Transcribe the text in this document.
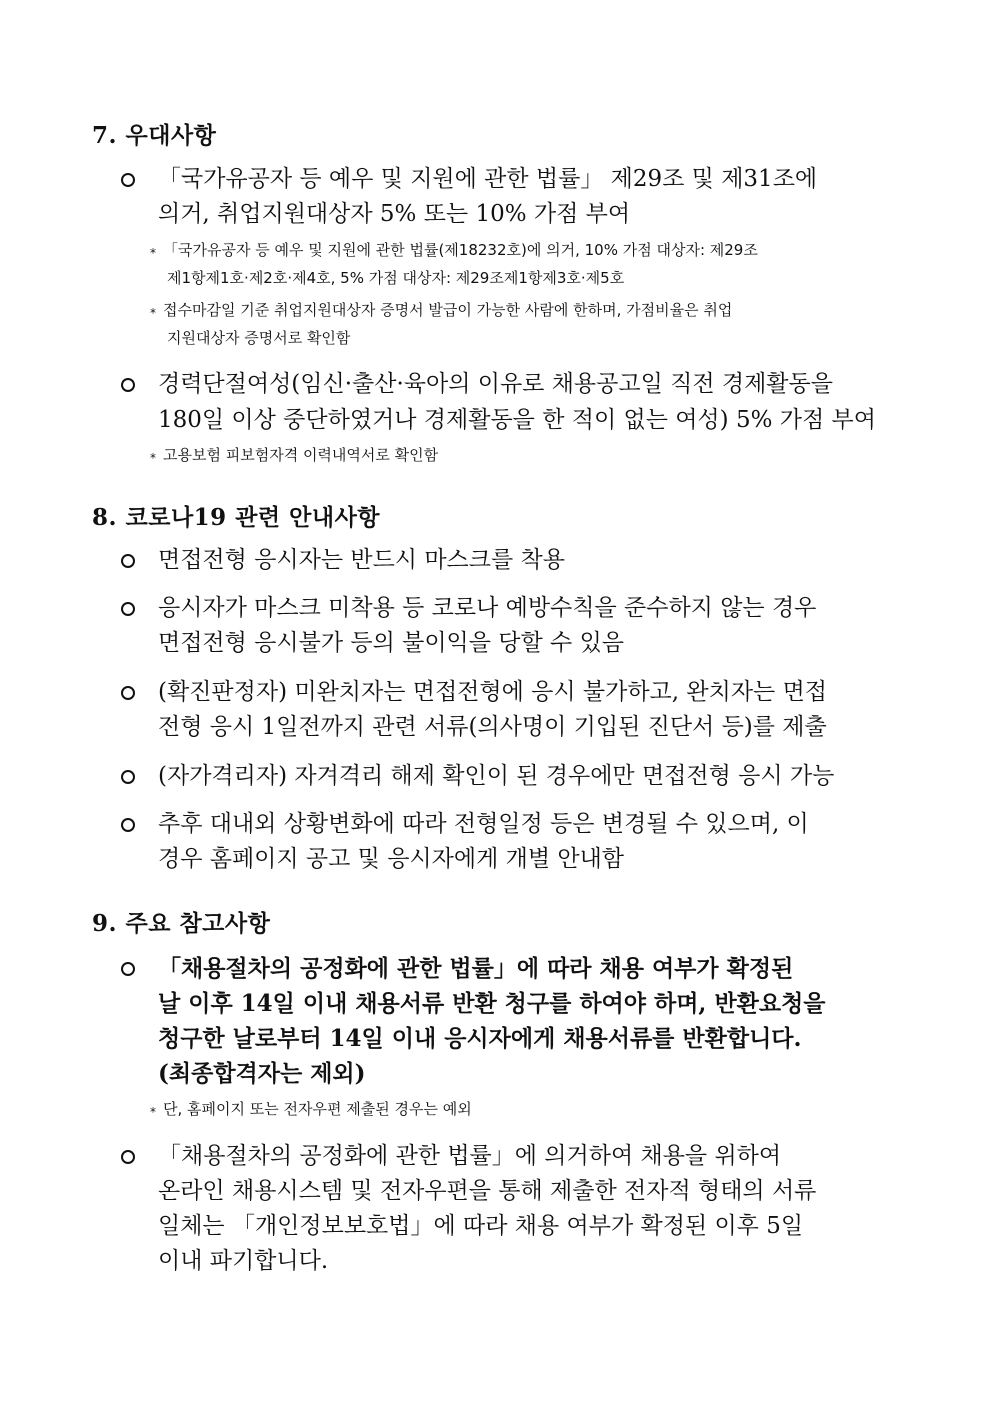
7. 우대사항
「국가유공자 등 예우 및 지원에 관한 법률」 제29조 및 제31조에
의거, 취업지원대상자 5% 또는 10% 가점 부여
* 「국가유공자 등 예우 및 지원에 관한 법률(제18232호)에 의거, 10% 가점 대상자: 제29조
제1항제1호·제2호·제4호, 5% 가점 대상자: 제29조제1항제3호·제5호
* 접수마감일 기준 취업지원대상자 증명서 발급이 가능한 사람에 한하며, 가점비율은 취업
지원대상자 증명서로 확인함
경력단절여성(임신·출산·육아의 이유로 채용공고일 직전 경제활동을
180일 이상 중단하였거나 경제활동을 한 적이 없는 여성) 5% 가점 부여
* 고용보험 피보험자격 이력내역서로 확인함
8. 코로나19 관련 안내사항
면접전형 응시자는 반드시 마스크를 착용
응시자가 마스크 미착용 등 코로나 예방수칙을 준수하지 않는 경우
면접전형 응시불가 등의 불이익을 당할 수 있음
(확진판정자) 미완치자는 면접전형에 응시 불가하고, 완치자는 면접
전형 응시 1일전까지 관련 서류(의사명이 기입된 진단서 등)를 제출
(자가격리자) 자겨격리 해제 확인이 된 경우에만 면접전형 응시 가능
추후 대내외 상황변화에 따라 전형일정 등은 변경될 수 있으며, 이
경우 홈페이지 공고 및 응시자에게 개별 안내함
9. 주요 참고사항
「채용절차의 공정화에 관한 법률」에 따라 채용 여부가 확정된
날 이후 14일 이내 채용서류 반환 청구를 하여야 하며, 반환요청을
청구한 날로부터 14일 이내 응시자에게 채용서류를 반환합니다.
(최종합격자는 제외)
* 단, 홈페이지 또는 전자우편 제출된 경우는 예외
「채용절차의 공정화에 관한 법률」에 의거하여 채용을 위하여
온라인 채용시스템 및 전자우편을 통해 제출한 전자적 형태의 서류
일체는 「개인정보보호법」에 따라 채용 여부가 확정된 이후 5일
이내 파기합니다.
